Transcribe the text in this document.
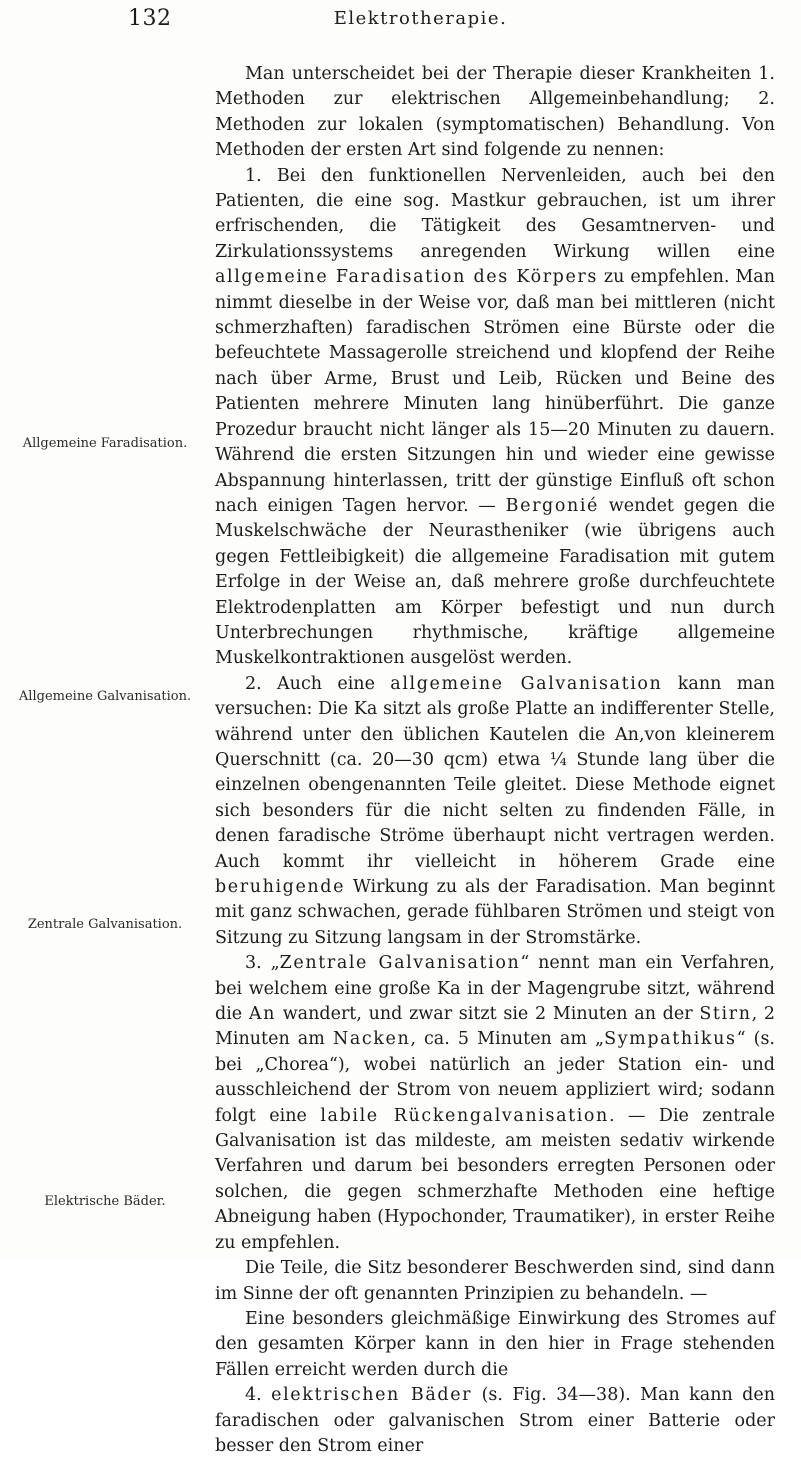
132	Elektrotherapie.
Allgemeine Faradisation.
Allgemeine Galvanisation.
Zentrale Galvanisation.
Elektrische Bäder.

Man unterscheidet bei der Therapie dieser Krankheiten 1. Methoden zur elektrischen Allgemeinbehandlung; 2. Methoden zur lokalen (symptomatischen) Behandlung. Von Methoden der ersten Art sind folgende zu nennen:

1. Bei den funktionellen Nervenleiden, auch bei den Patienten, die eine sog. Mastkur gebrauchen, ist um ihrer erfrischenden, die Tätigkeit des Gesamtnerven- und Zirkulationssystems anregenden Wirkung willen eine allgemeine Faradisation des Körpers zu empfehlen. Man nimmt dieselbe in der Weise vor, daß man bei mittleren (nicht schmerzhaften) faradischen Strömen eine Bürste oder die befeuchtete Massagerolle streichend und klopfend der Reihe nach über Arme, Brust und Leib, Rücken und Beine des Patienten mehrere Minuten lang hinüberführt. Die ganze Prozedur braucht nicht länger als 15—20 Minuten zu dauern. Während die ersten Sitzungen hin und wieder eine gewisse Abspannung hinterlassen, tritt der günstige Einfluß oft schon nach einigen Tagen hervor. — Bergonié wendet gegen die Muskelschwäche der Neurastheniker (wie übrigens auch gegen Fettleibigkeit) die allgemeine Faradisation mit gutem Erfolge in der Weise an, daß mehrere große durchfeuchtete Elektrodenplatten am Körper befestigt und nun durch Unterbrechungen rhythmische, kräftige allgemeine Muskelkontraktionen ausgelöst werden.

2. Auch eine allgemeine Galvanisation kann man versuchen: Die Ka sitzt als große Platte an indifferenter Stelle, während unter den üblichen Kautelen die An,von kleinerem Querschnitt (ca. 20—30 qcm) etwa ¼ Stunde lang über die einzelnen obengenannten Teile gleitet. Diese Methode eignet sich besonders für die nicht selten zu findenden Fälle, in denen faradische Ströme überhaupt nicht vertragen werden. Auch kommt ihr vielleicht in höherem Grade eine beruhigende Wirkung zu als der Faradisation. Man beginnt mit ganz schwachen, gerade fühlbaren Strömen und steigt von Sitzung zu Sitzung langsam in der Stromstärke.

3. „Zentrale Galvanisation“ nennt man ein Verfahren, bei welchem eine große Ka in der Magengrube sitzt, während die An wandert, und zwar sitzt sie 2 Minuten an der Stirn, 2 Minuten am Nacken, ca. 5 Minuten am „Sympathikus“ (s. bei „Chorea“), wobei natürlich an jeder Station ein- und ausschleichend der Strom von neuem appliziert wird; sodann folgt eine labile Rückengalvanisation. — Die zentrale Galvanisation ist das mildeste, am meisten sedativ wirkende Verfahren und darum bei besonders erregten Personen oder solchen, die gegen schmerzhafte Methoden eine heftige Abneigung haben (Hypochonder, Traumatiker), in erster Reihe zu empfehlen.

Die Teile, die Sitz besonderer Beschwerden sind, sind dann im Sinne der oft genannten Prinzipien zu behandeln. —

Eine besonders gleichmäßige Einwirkung des Stromes auf den gesamten Körper kann in den hier in Frage stehenden Fällen erreicht werden durch die

4. elektrischen Bäder (s. Fig. 34—38). Man kann den faradischen oder galvanischen Strom einer Batterie oder besser den Strom einer
